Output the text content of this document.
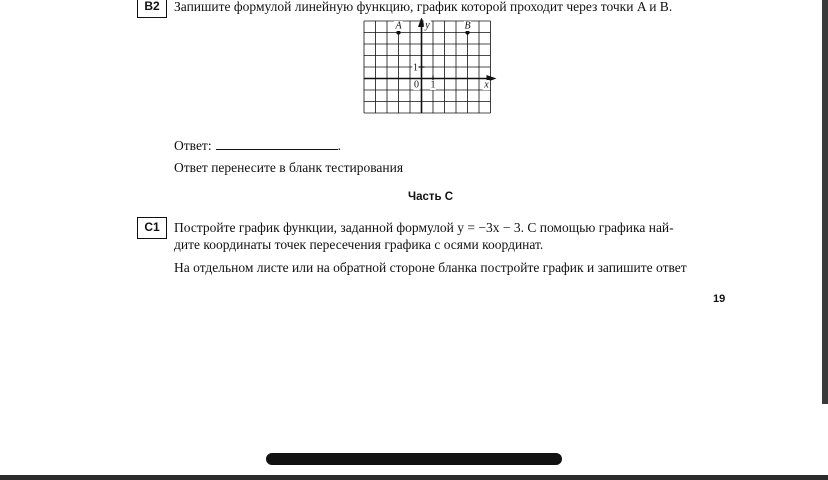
B2	Запишите формулой линейную функцию, график которой проходит через точки A и B.
A	B
y
x
0 1
1
Ответ:	.
Ответ перенесите в бланк тестирования
Часть C
C1	Постройте график функции, заданной формулой y = −3x − 3. С помощью графика най-
дите координаты точек пересечения графика с осями координат.
На отдельном листе или на обратной стороне бланка постройте график и запишите ответ
19
